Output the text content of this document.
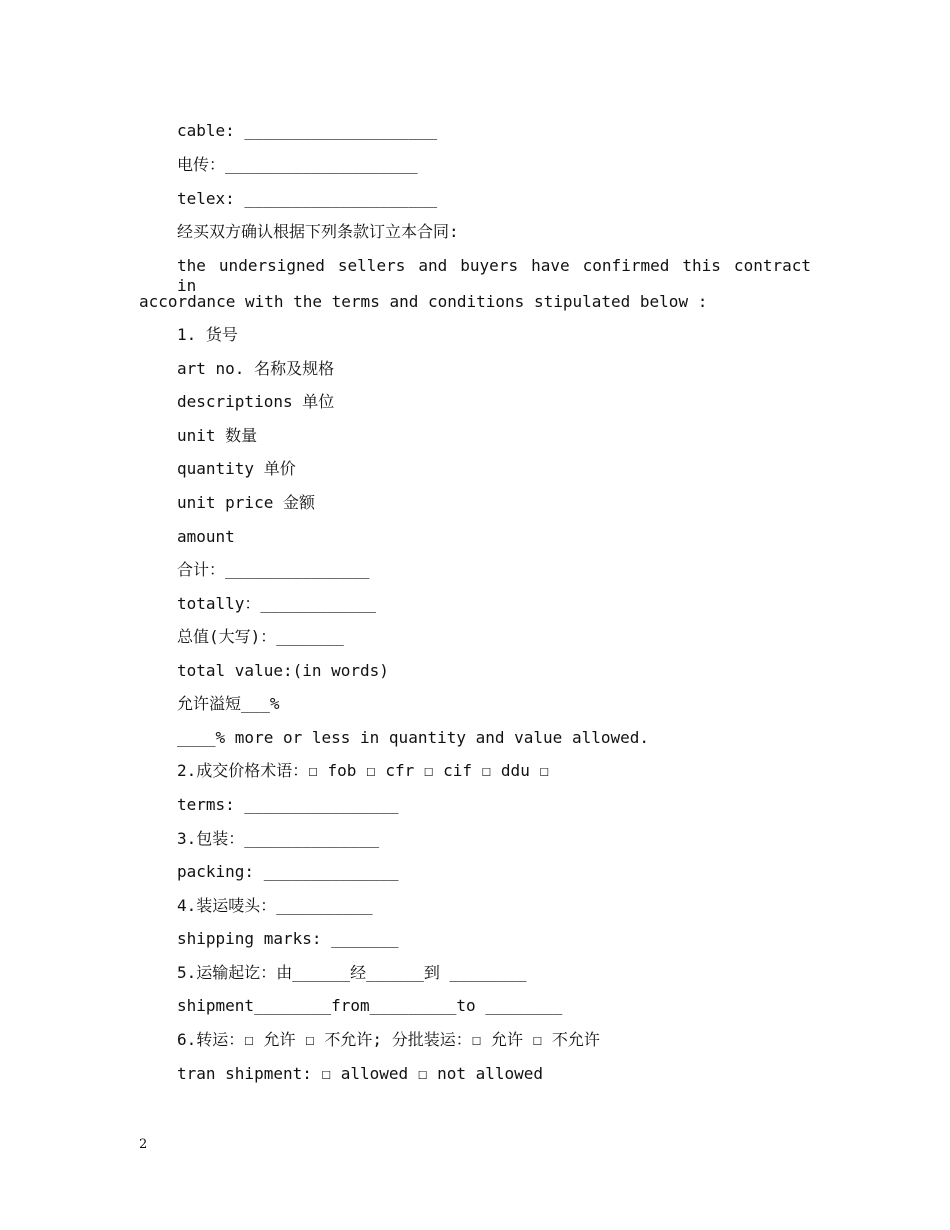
cable: ____________________
电传：____________________
telex: ____________________
经买双方确认根据下列条款订立本合同:
the undersigned sellers and buyers have confirmed this contract in
accordance with the terms and conditions stipulated below :
1. 货号
art no. 名称及规格
descriptions 单位
unit 数量
quantity 单价
unit price 金额
amount
合计：_______________
totally：____________
总值(大写)：_______
total value:(in words)
允许溢短___%
____% more or less in quantity and value allowed.
2.成交价格术语：☐ fob ☐ cfr ☐ cif ☐ ddu ☐
terms: ________________
3.包装：______________
packing: ______________
4.装运唛头：__________
shipping marks: _______
5.运输起讫：由______经______到 ________
shipment________from_________to ________
6.转运：☐ 允许 ☐ 不允许; 分批装运：☐ 允许 ☐ 不允许
tran shipment: ☐ allowed ☐ not allowed
2
